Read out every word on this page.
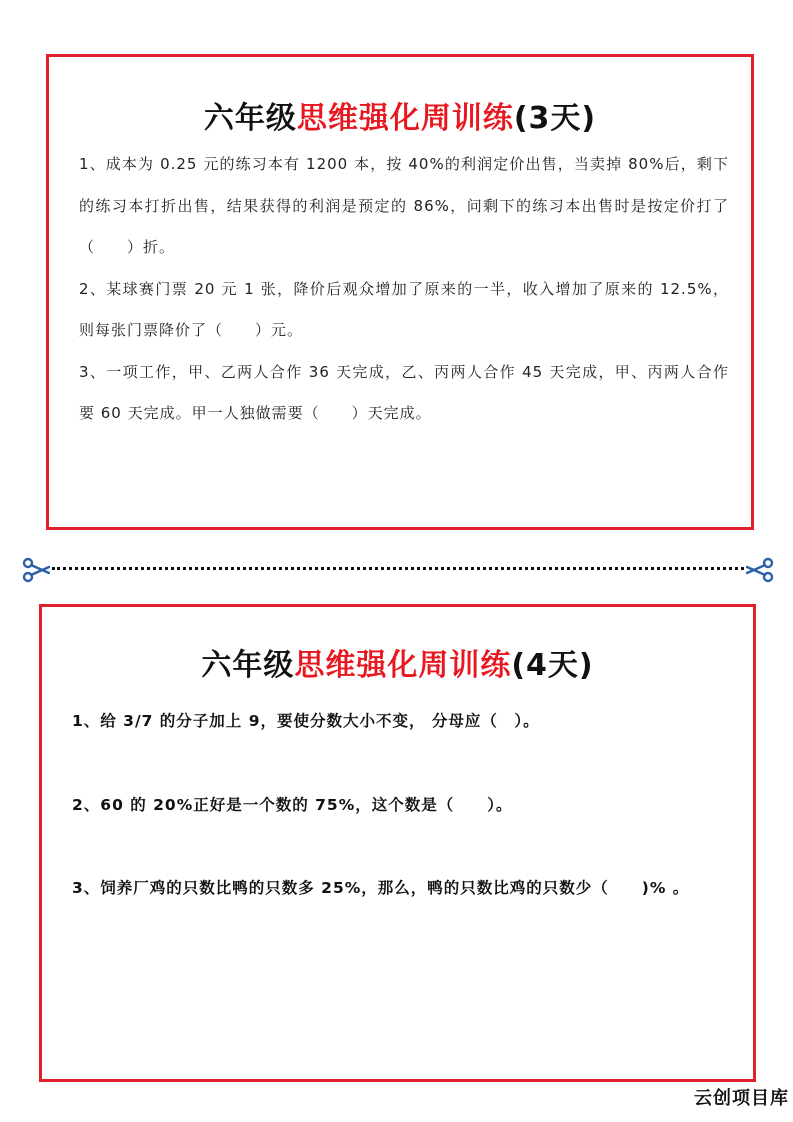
六年级思维强化周训练(3天)

1、成本为 0.25 元的练习本有 1200 本，按 40%的利润定价出售，当卖掉 80%后，剩下的练习本打折出售，结果获得的利润是预定的 86%，问剩下的练习本出售时是按定价打了（　　）折。

2、某球赛门票 20 元 1 张，降价后观众增加了原来的一半，收入增加了原来的 12.5%，则每张门票降价了（　　）元。

3、一项工作，甲、乙两人合作 36 天完成，乙、丙两人合作 45 天完成，甲、丙两人合作要 60 天完成。甲一人独做需要（　　）天完成。

六年级思维强化周训练(4天)
1、给 3/7 的分子加上 9，要使分数大小不变， 分母应（　）。
2、60 的 20%正好是一个数的 75%，这个数是（　　）。
3、饲养厂鸡的只数比鸭的只数多 25%，那么，鸭的只数比鸡的只数少（　　)% 。
云创项目库
